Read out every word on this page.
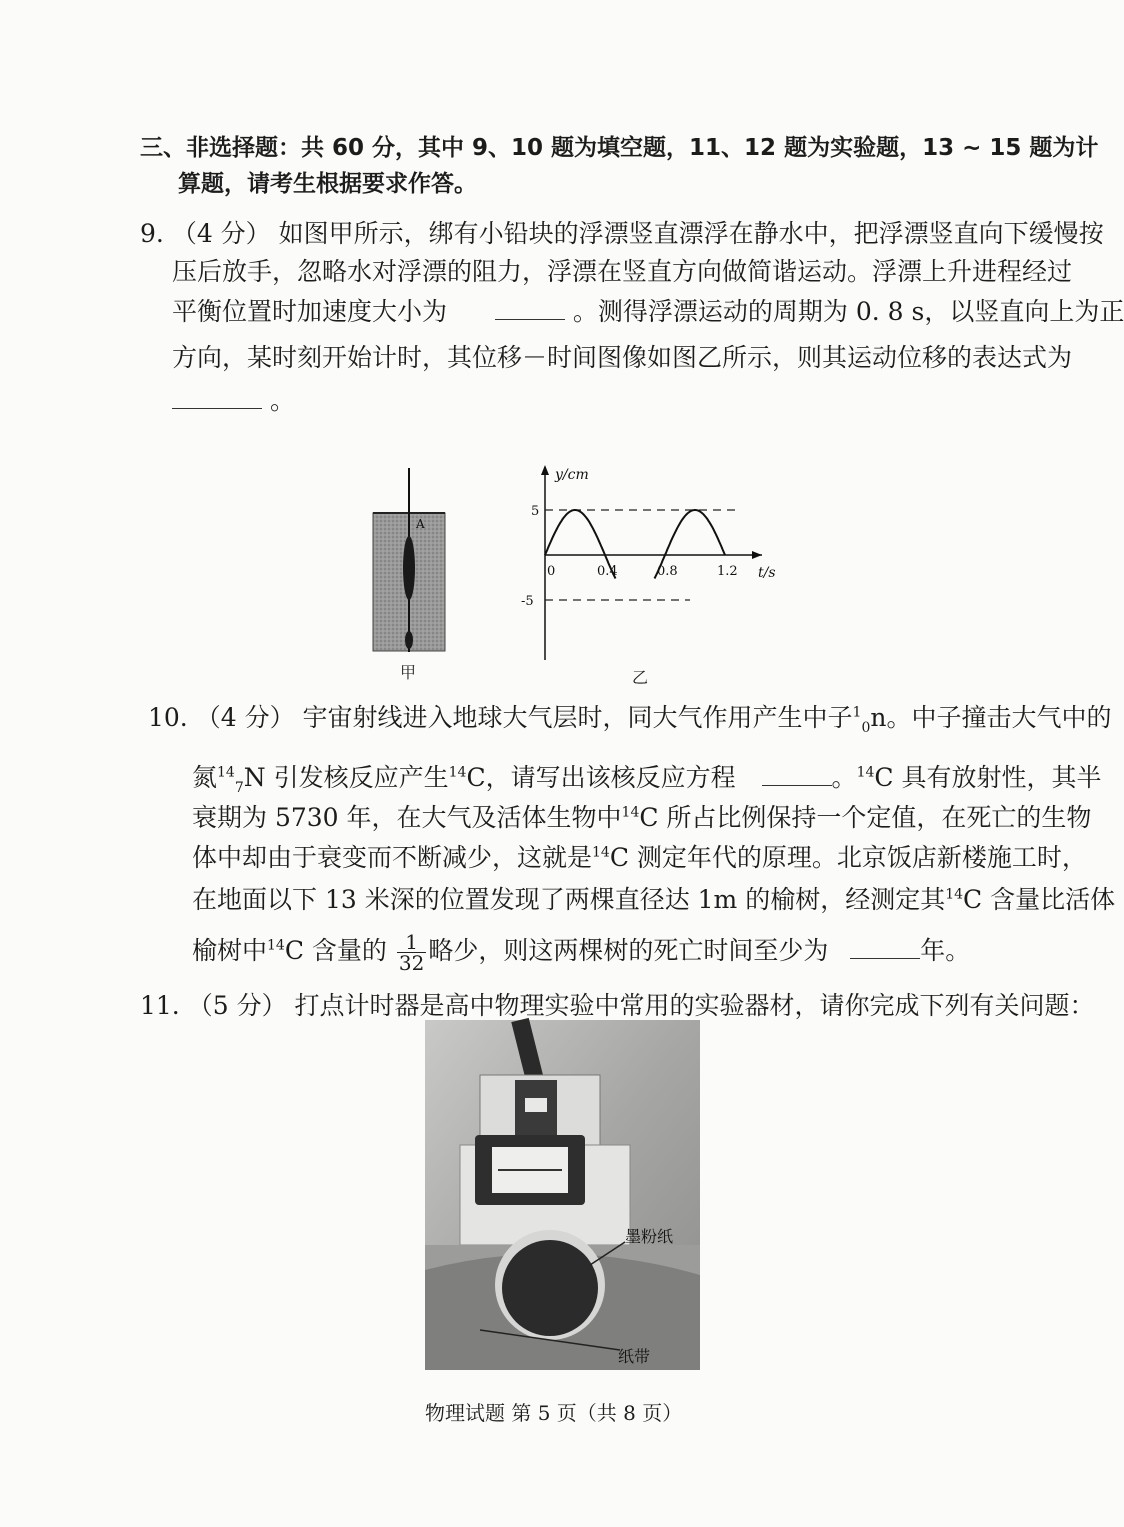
三、非选择题：共 60 分，其中 9、10 题为填空题，11、12 题为实验题，13 ~ 15 题为计
算题，请考生根据要求作答。
9. （4 分） 如图甲所示，绑有小铅块的浮漂竖直漂浮在静水中，把浮漂竖直向下缓慢按
压后放手，忽略水对浮漂的阻力，浮漂在竖直方向做简谐运动。浮漂上升进程经过
平衡位置时加速度大小为	。测得浮漂运动的周期为 0. 8 s，以竖直向上为正
方向，某时刻开始计时，其位移－时间图像如图乙所示，则其运动位移的表达式为
。
A
甲
0	0.4	0.8	1.2
5
-5
y/cm
t/s
乙
10. （4 分） 宇宙射线进入地球大气层时，同大气作用产生中子$^1_0$n。中子撞击大气中的
氮$^{14}_7$N 引发核反应产生$^{14}$C，请写出该核反应方程	。$^{14}$C 具有放射性，其半
衰期为 5730 年，在大气及活体生物中$^{14}$C 所占比例保持一个定值，在死亡的生物
体中却由于衰变而不断减少，这就是$^{14}$C 测定年代的原理。北京饭店新楼施工时，
在地面以下 13 米深的位置发现了两棵直径达 1m 的榆树，经测定其$^{14}$C 含量比活体
榆树中$^{14}$C 含量的 $\frac{1}{32}$ 略少，则这两棵树的死亡时间至少为	年。
11. （5 分） 打点计时器是高中物理实验中常用的实验器材，请你完成下列有关问题：
墨粉纸
纸带
物理试题 第 5 页（共 8 页）
